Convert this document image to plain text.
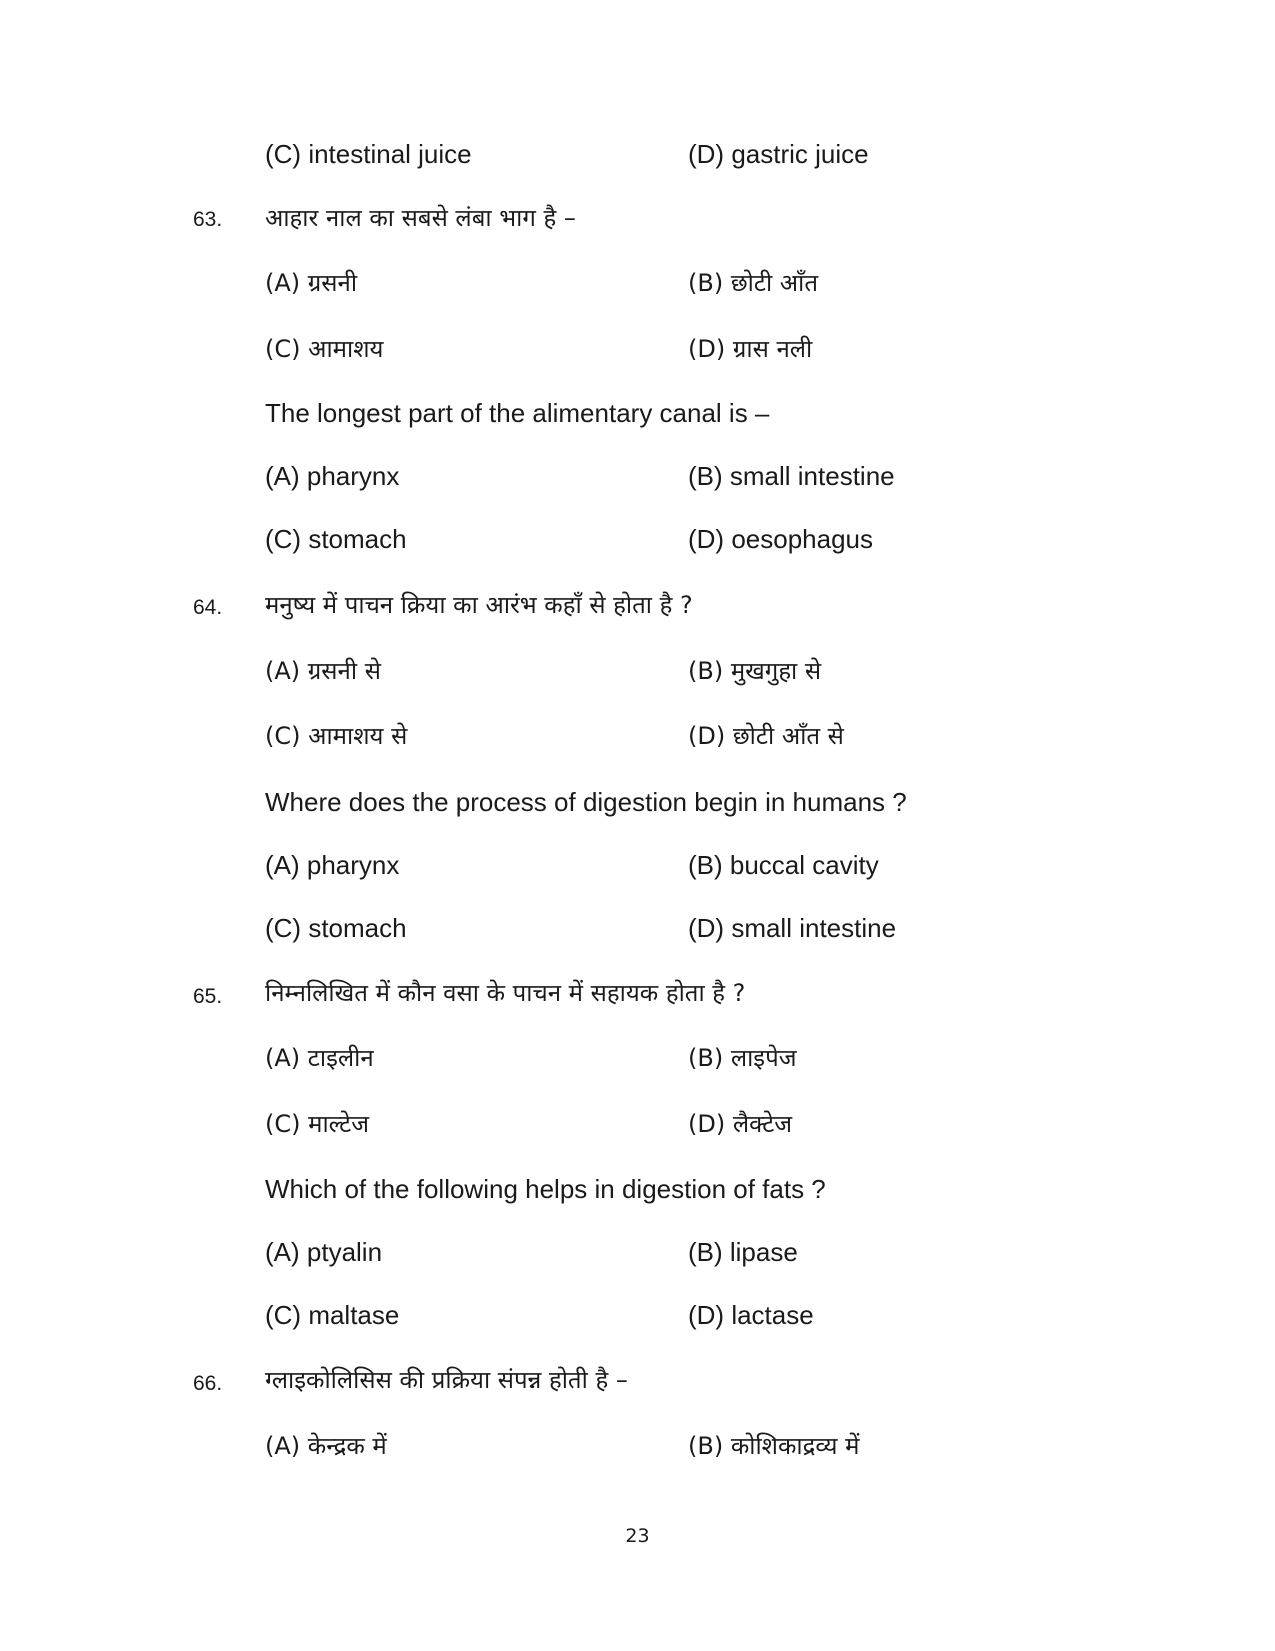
(C) intestinal juice	(D) gastric juice
63. आहार नाल का सबसे लंबा भाग है –
(A) ग्रसनी	(B) छोटी आँत
(C) आमाशय	(D) ग्रास नली
The longest part of the alimentary canal is –
(A) pharynx	(B) small intestine
(C) stomach	(D) oesophagus
64. मनुष्य में पाचन क्रिया का आरंभ कहाँ से होता है ?
(A) ग्रसनी से	(B) मुखगुहा से
(C) आमाशय से	(D) छोटी आँत से
Where does the process of digestion begin in humans ?
(A) pharynx	(B) buccal cavity
(C) stomach	(D) small intestine
65. निम्नलिखित में कौन वसा के पाचन में सहायक होता है ?
(A) टाइलीन	(B) लाइपेज
(C) माल्टेज	(D) लैक्टेज
Which of the following helps in digestion of fats ?
(A) ptyalin	(B) lipase
(C) maltase	(D) lactase
66. ग्लाइकोलिसिस की प्रक्रिया संपन्न होती है –
(A) केन्द्रक में	(B) कोशिकाद्रव्य में
23
